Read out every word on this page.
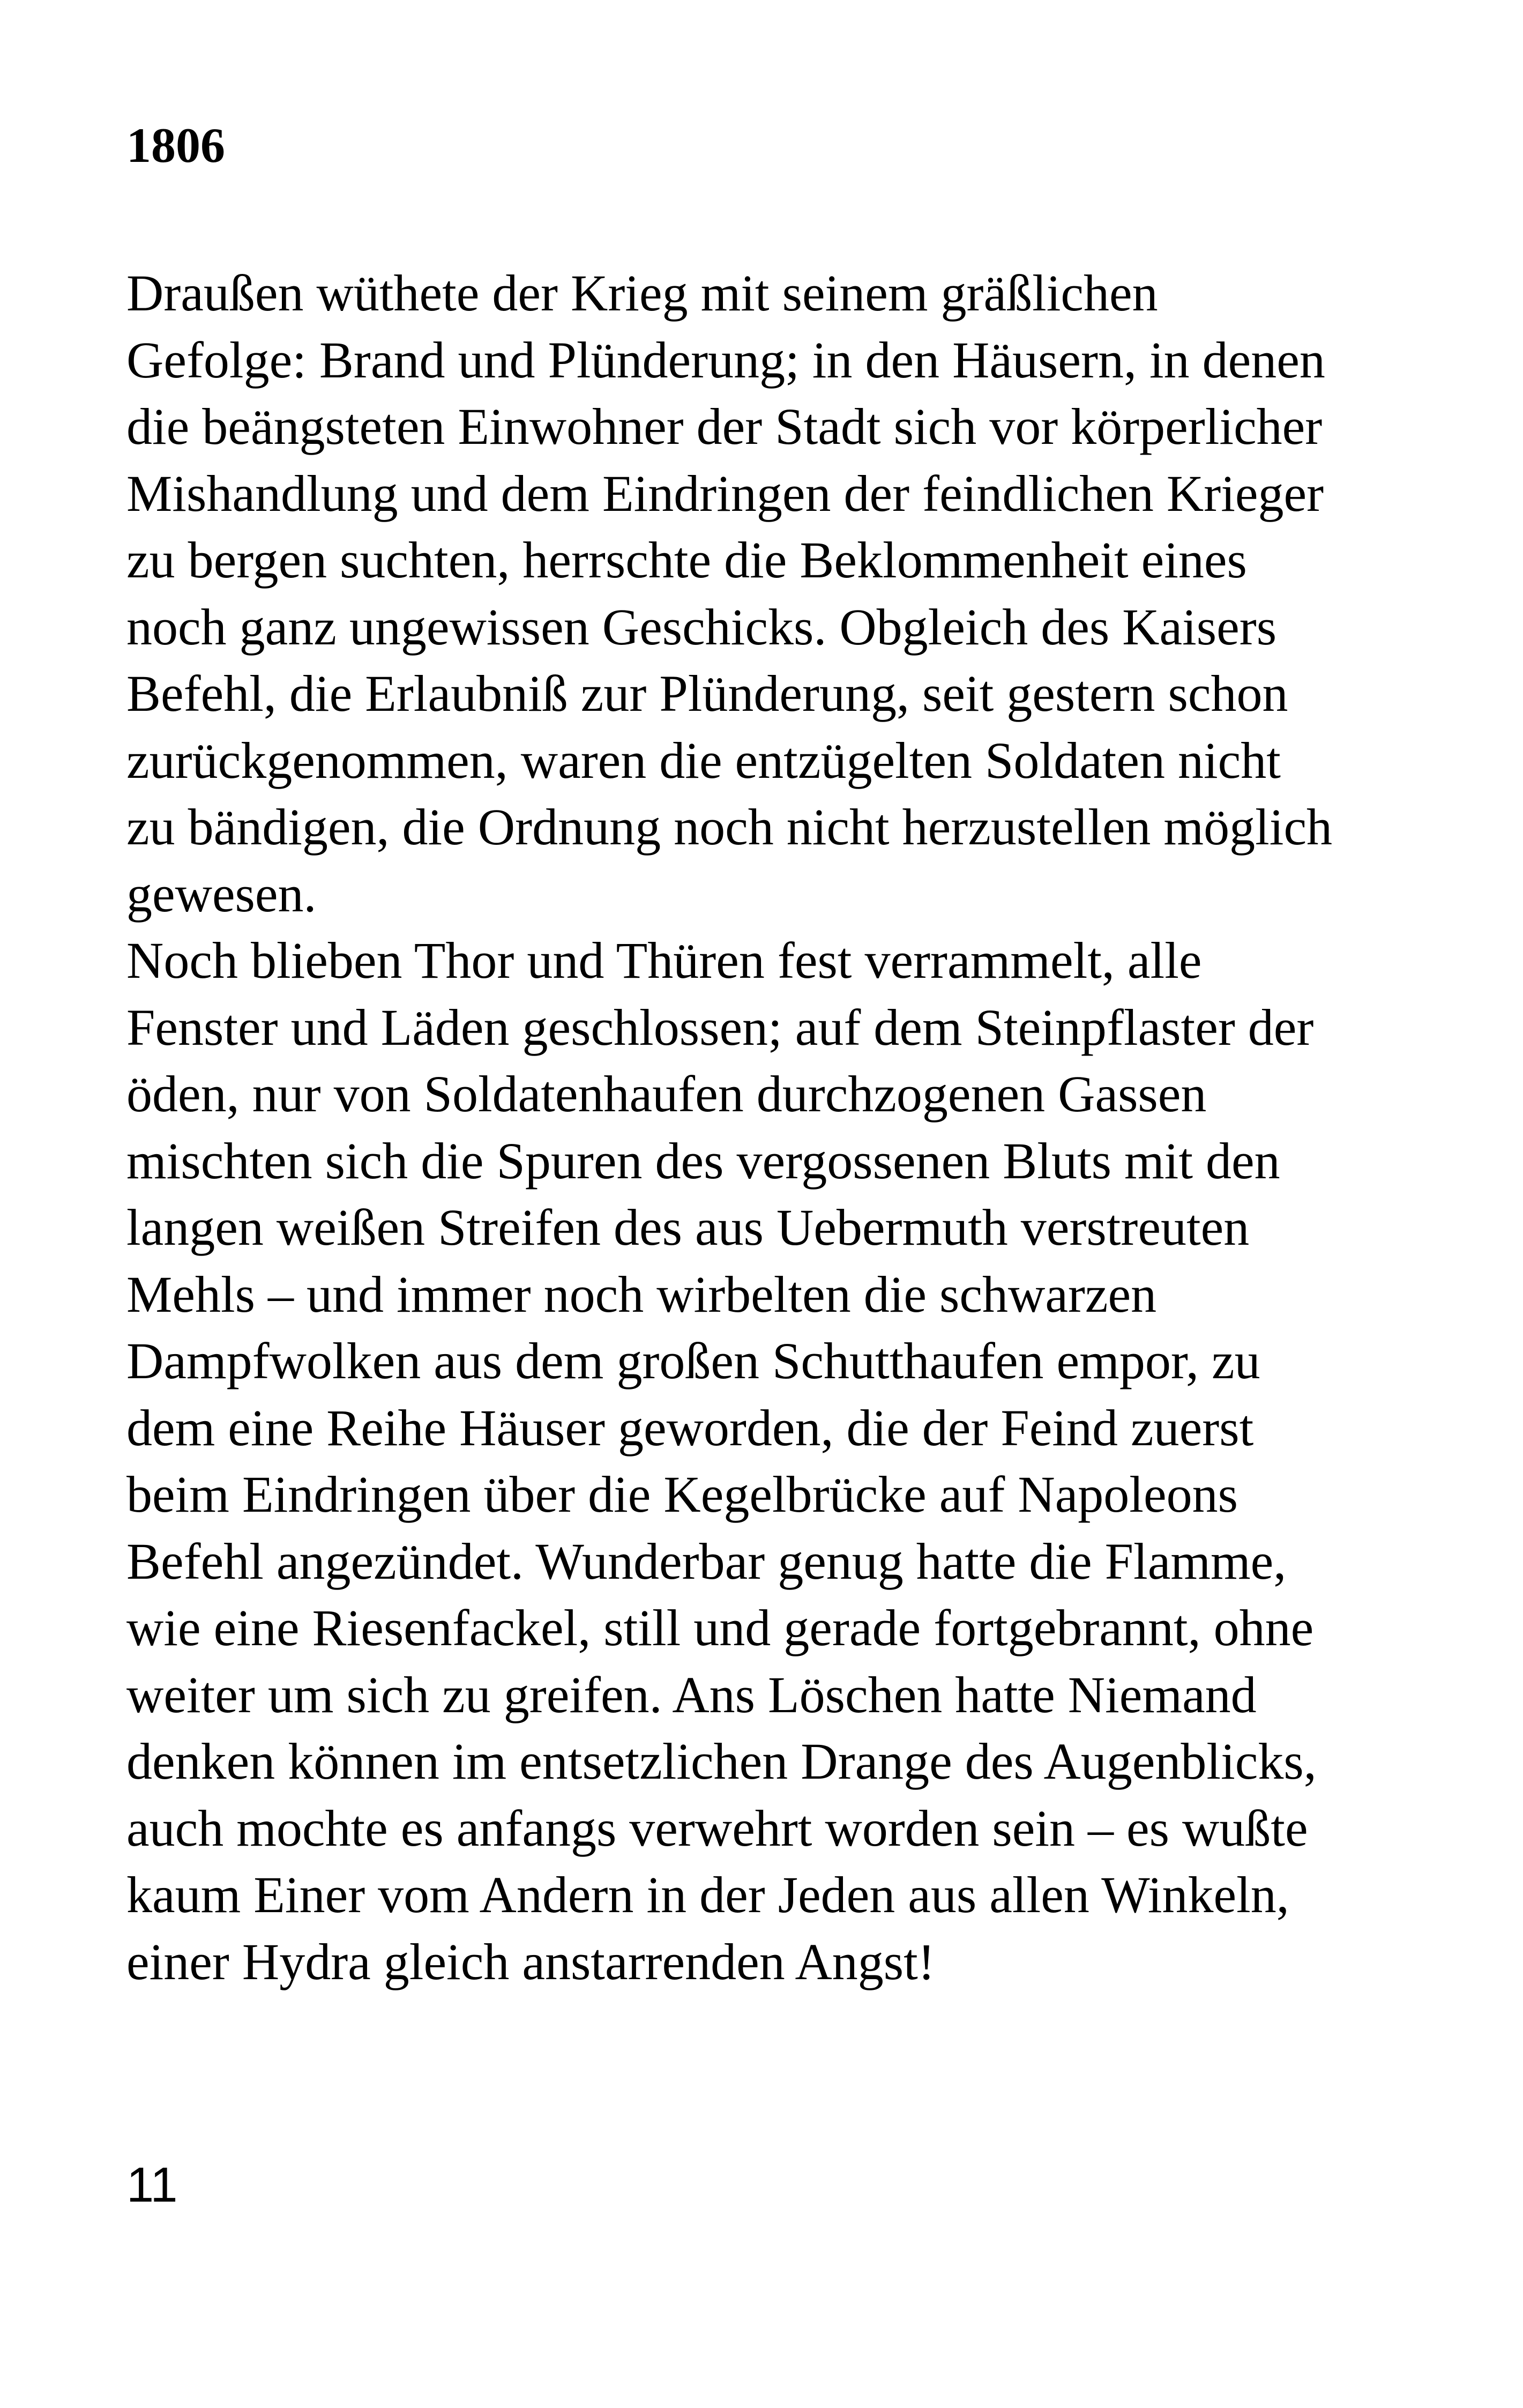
1806
Draußen wüthete der Krieg mit seinem gräßlichen
Gefolge: Brand und Plünderung; in den Häusern, in denen
die beängsteten Einwohner der Stadt sich vor körperlicher
Mishandlung und dem Eindringen der feindlichen Krieger
zu bergen suchten, herrschte die Beklommenheit eines
noch ganz ungewissen Geschicks. Obgleich des Kaisers
Befehl, die Erlaubniß zur Plünderung, seit gestern schon
zurückgenommen, waren die entzügelten Soldaten nicht
zu bändigen, die Ordnung noch nicht herzustellen möglich
gewesen.
Noch blieben Thor und Thüren fest verrammelt, alle
Fenster und Läden geschlossen; auf dem Steinpflaster der
öden, nur von Soldatenhaufen durchzogenen Gassen
mischten sich die Spuren des vergossenen Bluts mit den
langen weißen Streifen des aus Uebermuth verstreuten
Mehls – und immer noch wirbelten die schwarzen
Dampfwolken aus dem großen Schutthaufen empor, zu
dem eine Reihe Häuser geworden, die der Feind zuerst
beim Eindringen über die Kegelbrücke auf Napoleons
Befehl angezündet. Wunderbar genug hatte die Flamme,
wie eine Riesenfackel, still und gerade fortgebrannt, ohne
weiter um sich zu greifen. Ans Löschen hatte Niemand
denken können im entsetzlichen Drange des Augenblicks,
auch mochte es anfangs verwehrt worden sein – es wußte
kaum Einer vom Andern in der Jeden aus allen Winkeln,
einer Hydra gleich anstarrenden Angst!
11
